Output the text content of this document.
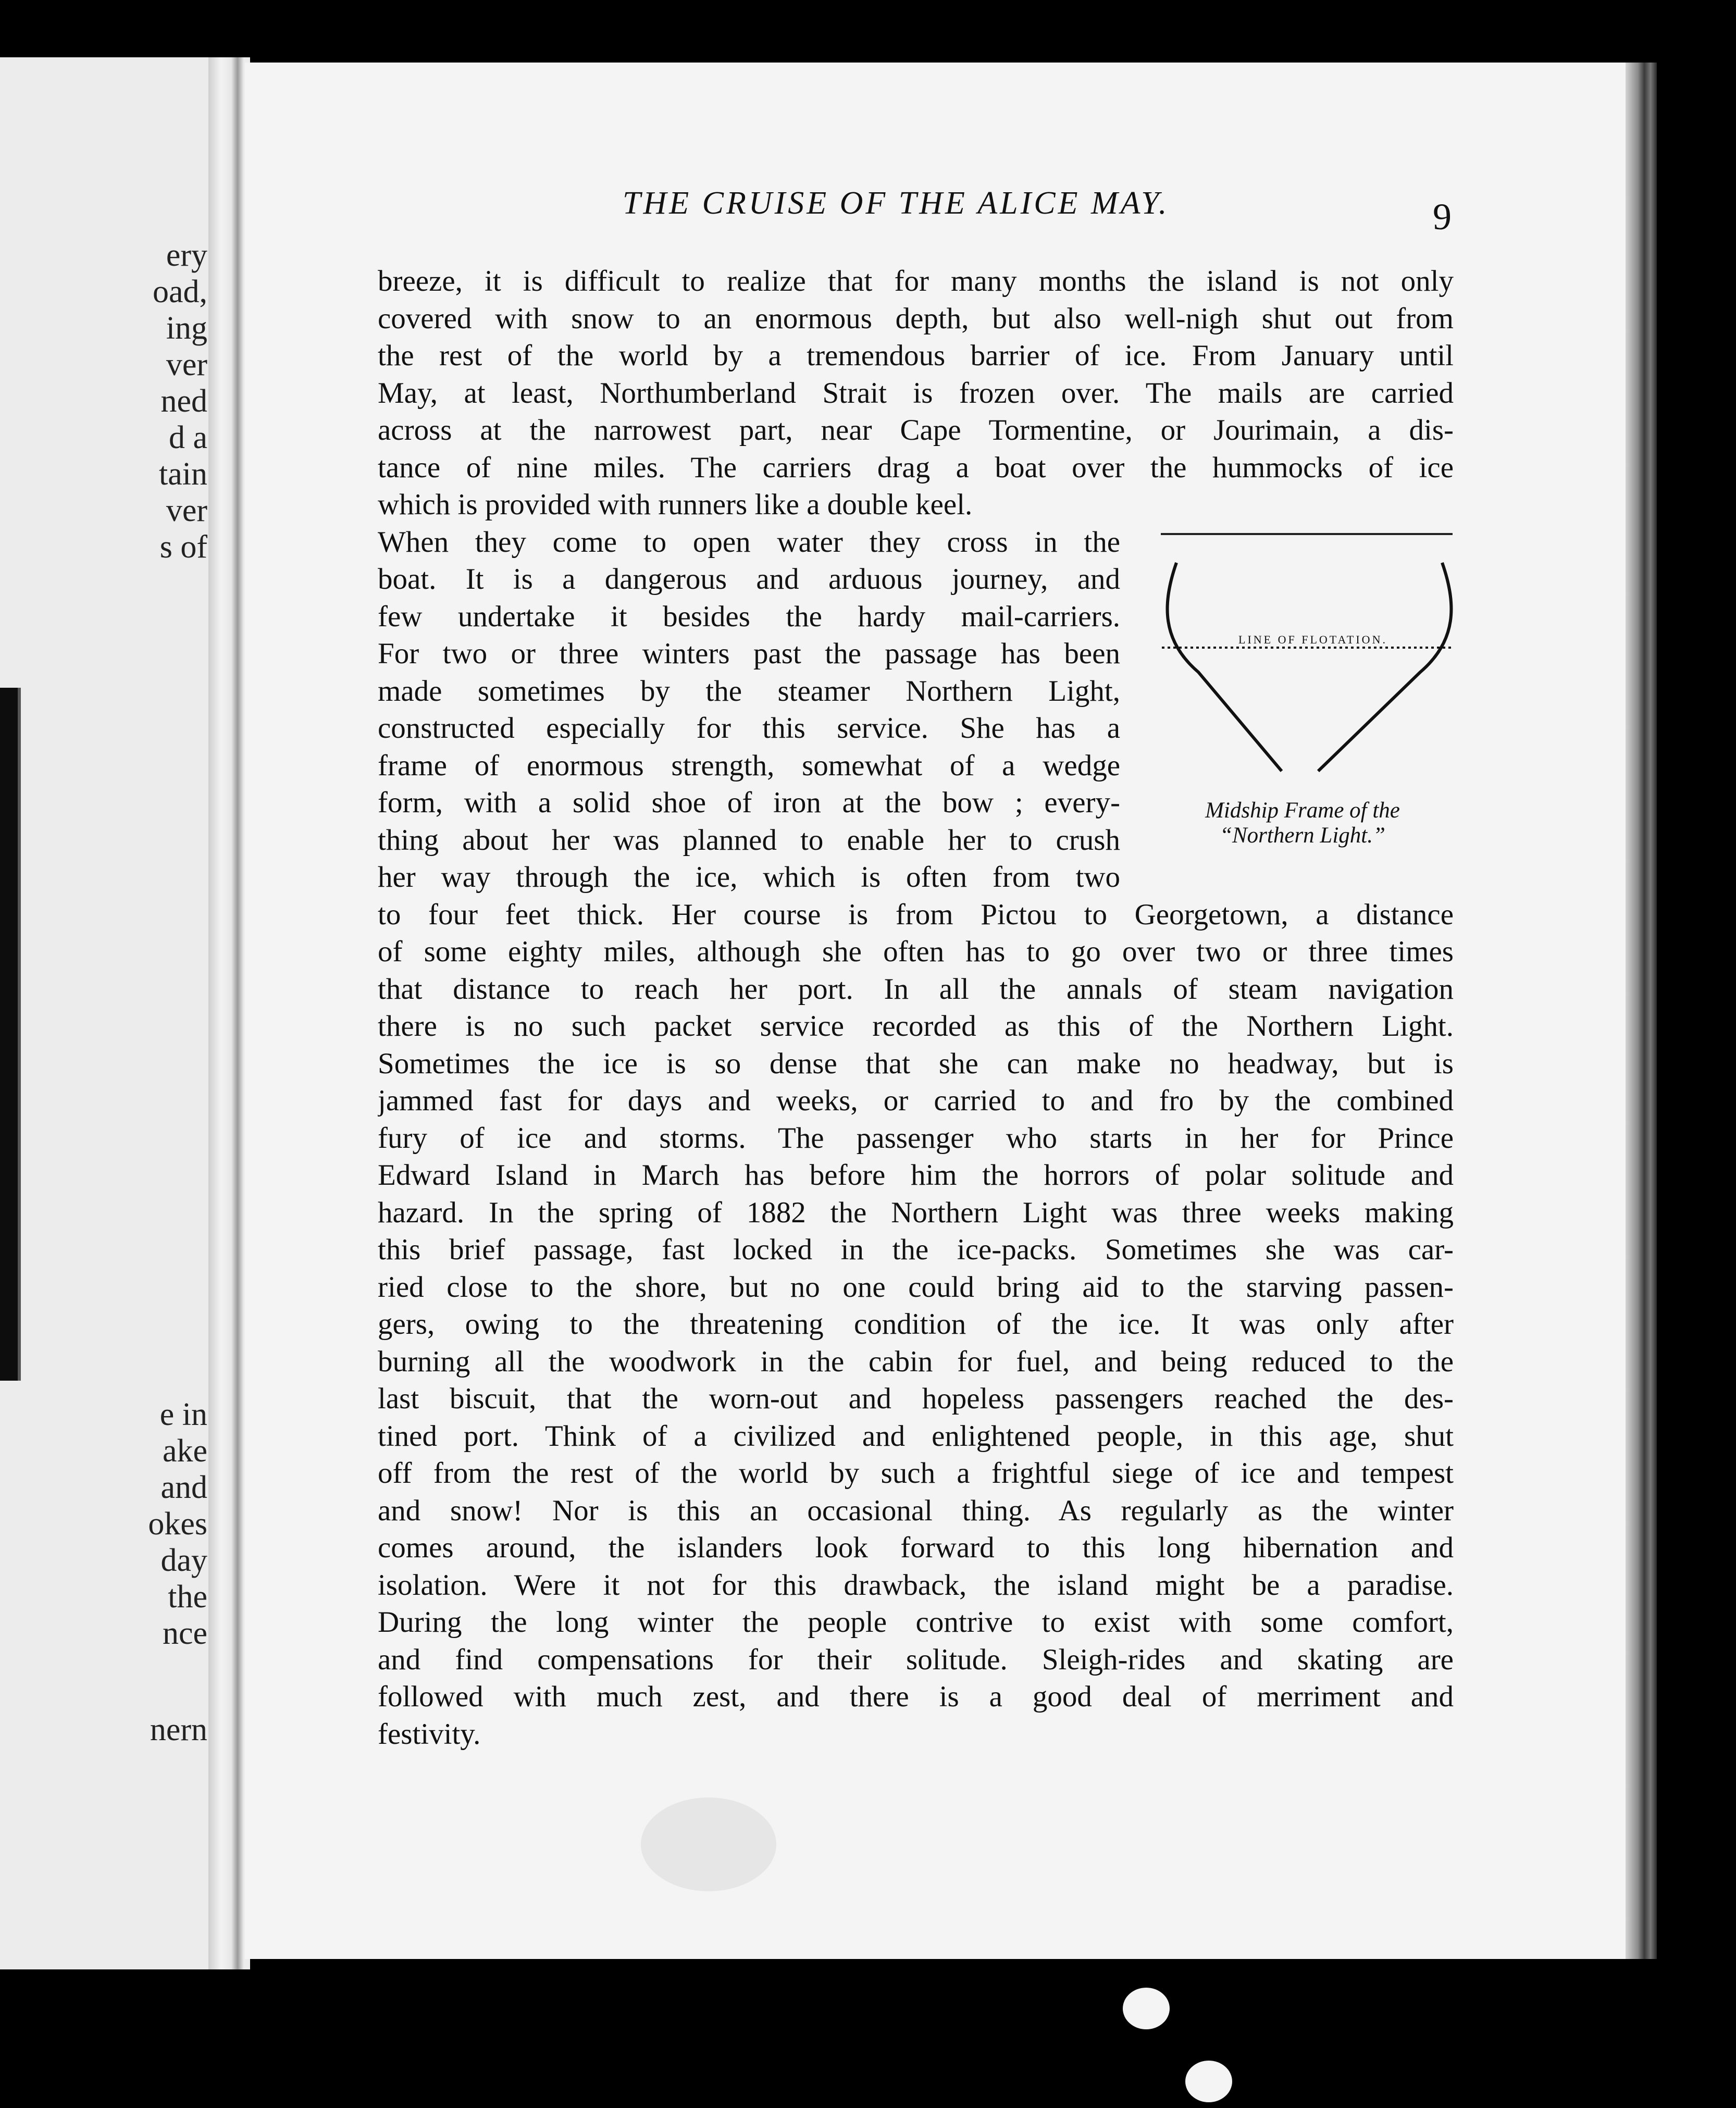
ery
oad,
ing
ver
ned
d a
tain
ver
s of
e in
ake
and
okes
day
the
nce
nern
THE CRUISE OF THE ALICE MAY.	9
breeze, it is difficult to realize that for many months the island is not only
covered with snow to an enormous depth, but also well-nigh shut out from
the rest of the world by a tremendous barrier of ice. From January until
May, at least, Northumberland Strait is frozen over. The mails are carried
across at the narrowest part, near Cape Tormentine, or Jourimain, a dis-
tance of nine miles. The carriers drag a boat over the hummocks of ice
which is provided with runners like a double keel.
When they come to open water they cross in the
boat. It is a dangerous and arduous journey, and
few undertake it besides the hardy mail-carriers.
For two or three winters past the passage has been
made sometimes by the steamer Northern Light,
constructed especially for this service. She has a
frame of enormous strength, somewhat of a wedge
form, with a solid shoe of iron at the bow ; every-
thing about her was planned to enable her to crush
her way through the ice, which is often from two
to four feet thick. Her course is from Pictou to Georgetown, a distance
of some eighty miles, although she often has to go over two or three times
that distance to reach her port. In all the annals of steam navigation
there is no such packet service recorded as this of the Northern Light.
Sometimes the ice is so dense that she can make no headway, but is
jammed fast for days and weeks, or carried to and fro by the combined
fury of ice and storms. The passenger who starts in her for Prince
Edward Island in March has before him the horrors of polar solitude and
hazard. In the spring of 1882 the Northern Light was three weeks making
this brief passage, fast locked in the ice-packs. Sometimes she was car-
ried close to the shore, but no one could bring aid to the starving passen-
gers, owing to the threatening condition of the ice. It was only after
burning all the woodwork in the cabin for fuel, and being reduced to the
last biscuit, that the worn-out and hopeless passengers reached the des-
tined port. Think of a civilized and enlightened people, in this age, shut
off from the rest of the world by such a frightful siege of ice and tempest
and snow! Nor is this an occasional thing. As regularly as the winter
comes around, the islanders look forward to this long hibernation and
isolation. Were it not for this drawback, the island might be a paradise.
During the long winter the people contrive to exist with some comfort,
and find compensations for their solitude. Sleigh-rides and skating are
followed with much zest, and there is a good deal of merriment and
festivity.
LINE OF FLOTATION.
Midship Frame of the
“Northern Light.”
